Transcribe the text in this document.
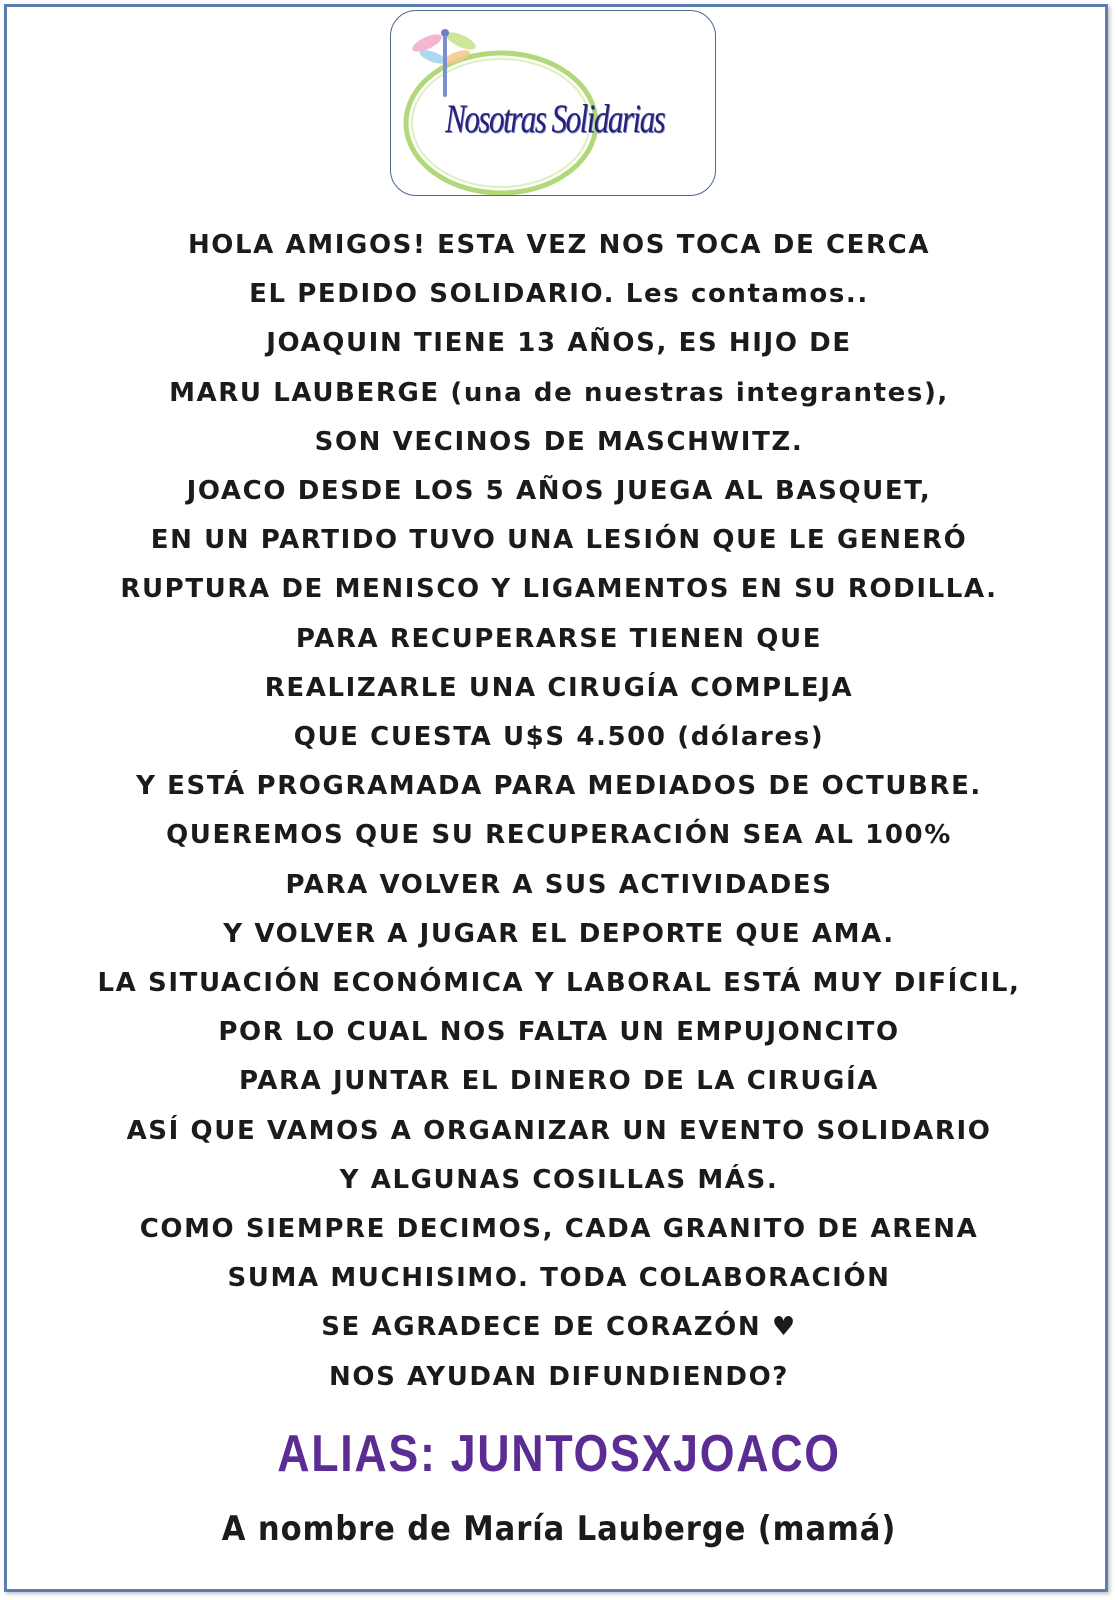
Nosotras Solidarias
HOLA AMIGOS! ESTA VEZ NOS TOCA DE CERCA
EL PEDIDO SOLIDARIO. Les contamos..
JOAQUIN TIENE 13 AÑOS, ES HIJO DE
MARU LAUBERGE (una de nuestras integrantes),
SON VECINOS DE MASCHWITZ.
JOACO DESDE LOS 5 AÑOS JUEGA AL BASQUET,
EN UN PARTIDO TUVO UNA LESIÓN QUE LE GENERÓ
RUPTURA DE MENISCO Y LIGAMENTOS EN SU RODILLA.
PARA RECUPERARSE TIENEN QUE
REALIZARLE UNA CIRUGÍA COMPLEJA
QUE CUESTA U$S 4.500 (dólares)
Y ESTÁ PROGRAMADA PARA MEDIADOS DE OCTUBRE.
QUEREMOS QUE SU RECUPERACIÓN SEA AL 100%
PARA VOLVER A SUS ACTIVIDADES
Y VOLVER A JUGAR EL DEPORTE QUE AMA.
LA SITUACIÓN ECONÓMICA Y LABORAL ESTÁ MUY DIFÍCIL,
POR LO CUAL NOS FALTA UN EMPUJONCITO
PARA JUNTAR EL DINERO DE LA CIRUGÍA
ASÍ QUE VAMOS A ORGANIZAR UN EVENTO SOLIDARIO
Y ALGUNAS COSILLAS MÁS.
COMO SIEMPRE DECIMOS, CADA GRANITO DE ARENA
SUMA MUCHISIMO. TODA COLABORACIÓN
SE AGRADECE DE CORAZÓN ♥
NOS AYUDAN DIFUNDIENDO?
ALIAS: JUNTOSXJOACO
A nombre de María Lauberge (mamá)
